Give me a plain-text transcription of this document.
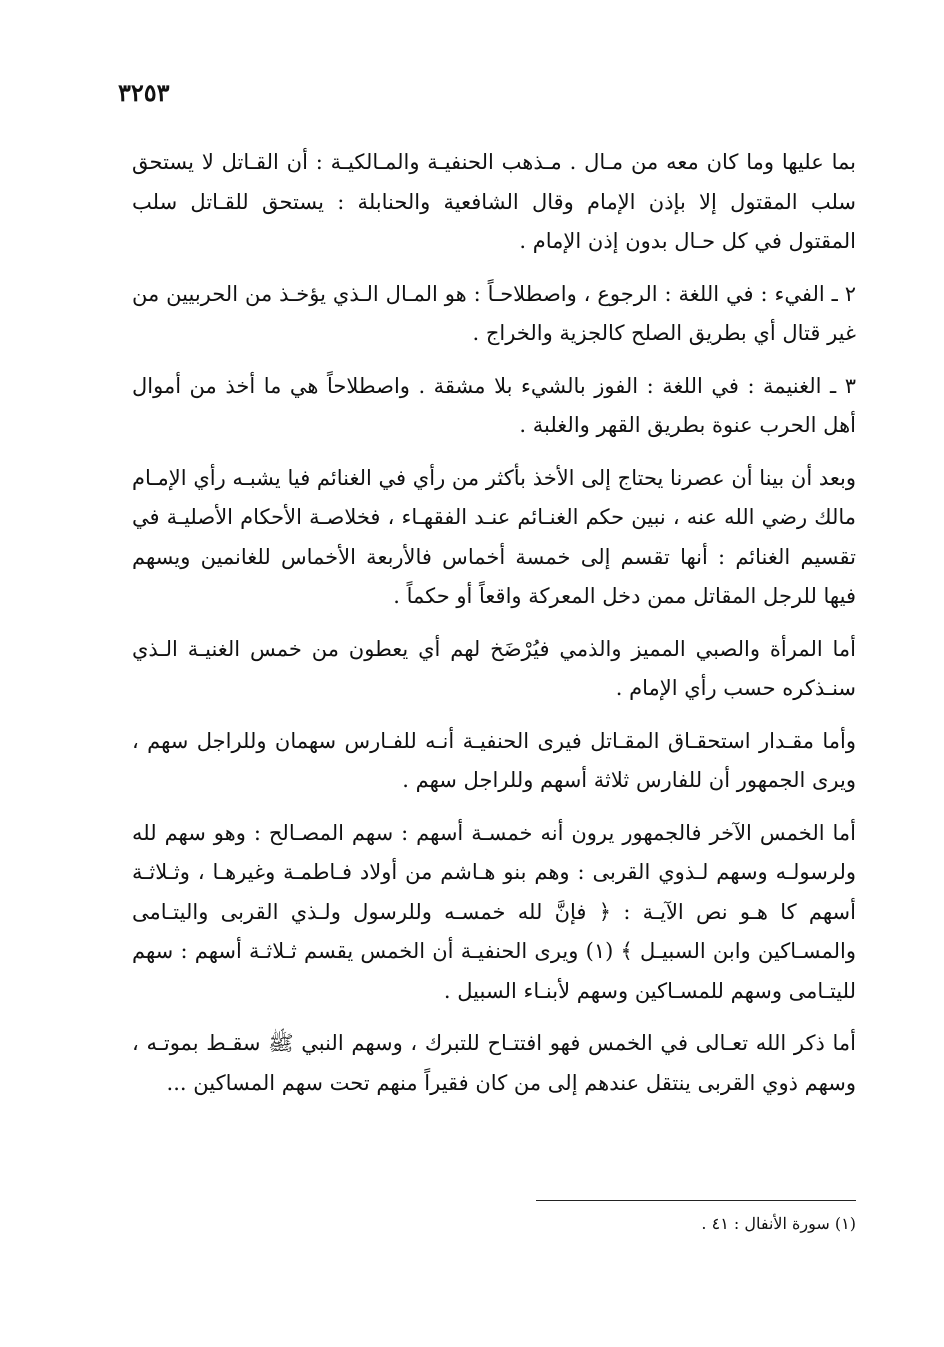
٣٢٥٣

بما عليها وما كان معه من مـال . مـذهب الحنفيـة والمـالكيـة : أن القـاتل لا يستحق سلب المقتول إلا بإذن الإمام وقال الشافعية والحنابلة : يستحق للقـاتل سلب المقتول في كل حـال بدون إذن الإمام .

٢ ـ الفيء : في اللغة : الرجوع ، واصطلاحـاً : هو المـال الـذي يؤخـذ من الحربيين من غير قتال أي بطريق الصلح كالجزية والخراج .

٣ ـ الغنيمة : في اللغة : الفوز بالشيء بلا مشقة . واصطلاحاً هي ما أخذ من أموال أهل الحرب عنوة بطريق القهر والغلبة .

وبعد أن بينا أن عصرنا يحتاج إلى الأخذ بأكثر من رأي في الغنائم فيا يشبـه رأي الإمـام مالك رضي الله عنه ، نبين حكم الغنـائم عنـد الفقهـاء ، فخلاصـة الأحكام الأصليـة في تقسيم الغنائم : أنها تقسم إلى خمسة أخماس فالأربعة الأخماس للغانمين ويسهم فيها للرجل المقاتل ممن دخل المعركة واقعاً أو حكماً .

أما المرأة والصبي المميز والذمي فيُرْضَخ لهم أي يعطون من خمس الغنيـة الـذي سنـذكره حسب رأي الإمام .

وأما مقـدار استحقـاق المقـاتل فيرى الحنفيـة أنـه للفـارس سهمان وللراجل سهم ، ويرى الجمهور أن للفارس ثلاثة أسهم وللراجل سهم .

أما الخمس الآخر فالجمهور يرون أنه خمسـة أسهم : سهم المصـالح : وهو سهم لله ولرسولـه وسهم لـذوي القربى : وهم بنو هـاشم من أولاد فـاطمـة وغيرهـا ، وثـلاثـة أسهم كا هـو نص الآيـة : ﴿ فإنَّ لله خمسـه وللرسول ولـذي القربى واليتـامى والمسـاكين وابن السبيـل ﴾ (١) ويرى الحنفيـة أن الخمس يقسم ثـلاثـة أسهم : سهم لليتـامى وسهم للمسـاكين وسهم لأبنـاء السبيل .

أما ذكر الله تعـالى في الخمس فهو افتتـاح للتبرك ، وسهم النبي ﷺ سقـط بموتـه ، وسهم ذوي القربى ينتقل عندهم إلى من كان فقيراً منهم تحت سهم المساكين ...

(١) سورة الأنفال : ٤١ .
